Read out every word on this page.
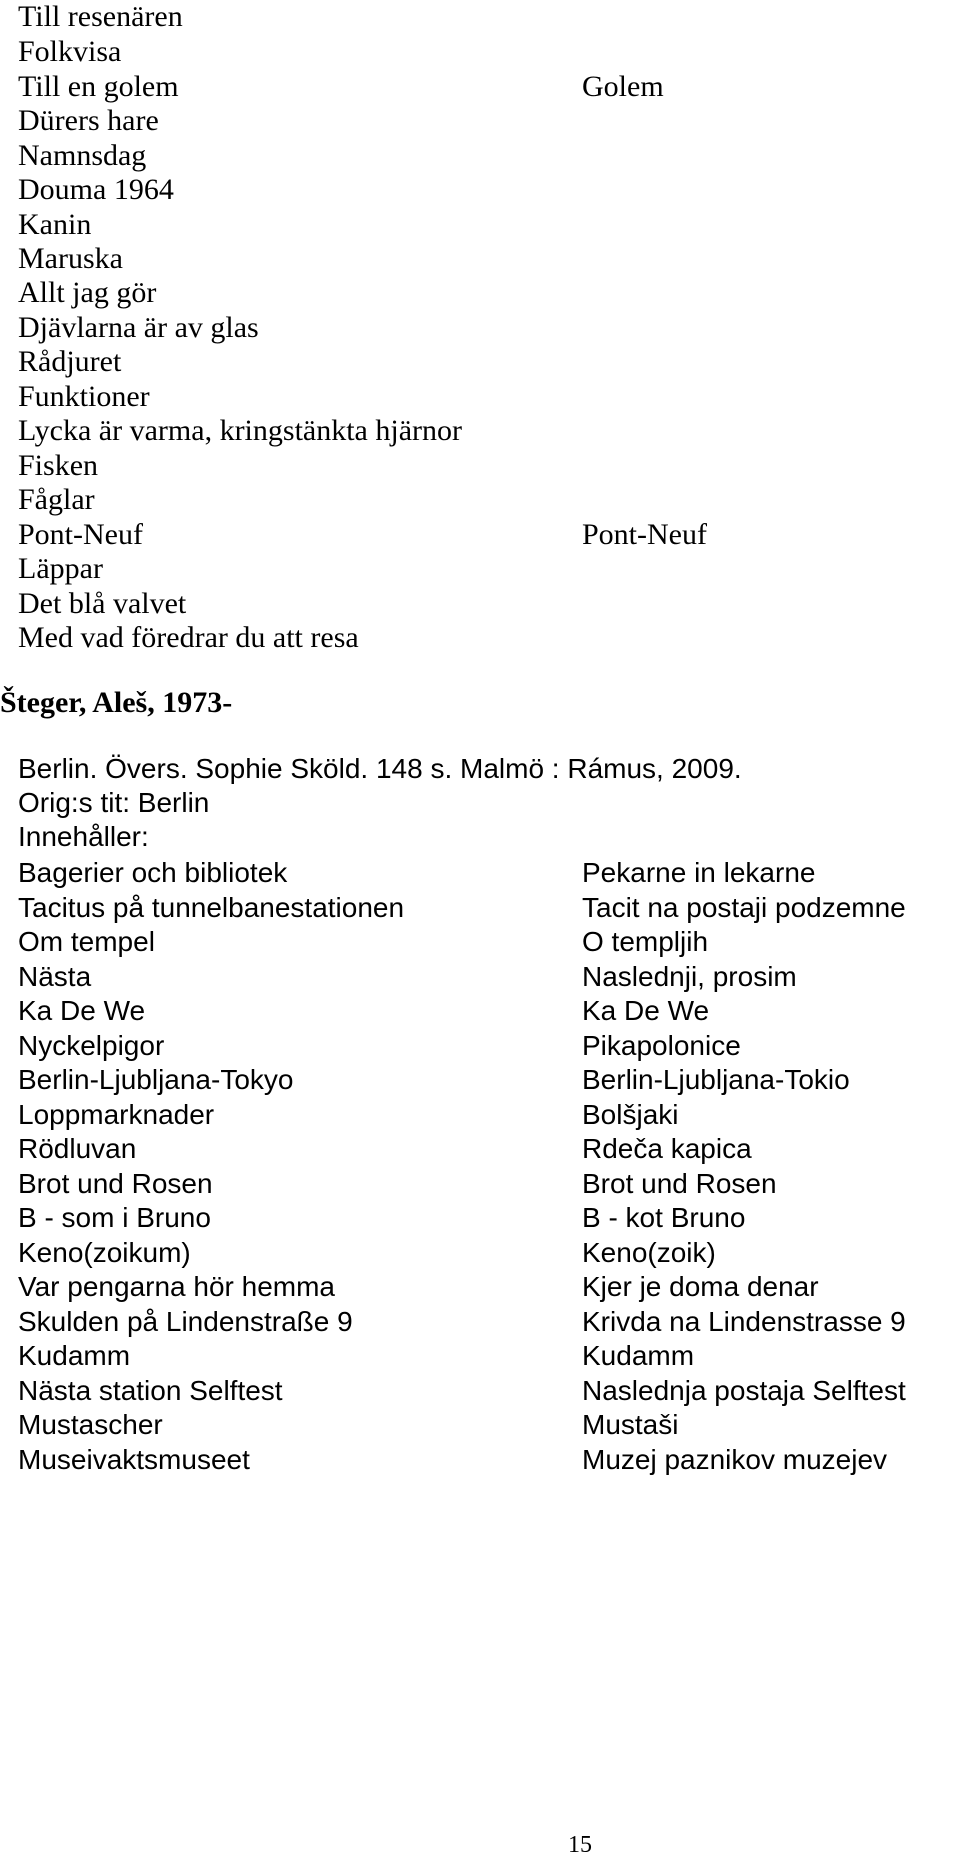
Till resenären
Folkvisa
Till en golem	Golem
Dürers hare
Namnsdag
Douma 1964
Kanin
Maruska
Allt jag gör
Djävlarna är av glas
Rådjuret
Funktioner
Lycka är varma, kringstänkta hjärnor
Fisken
Fåglar
Pont-Neuf	Pont-Neuf
Läppar
Det blå valvet
Med vad föredrar du att resa
Šteger, Aleš, 1973-
Berlin. Övers. Sophie Sköld. 148 s. Malmö : Rámus, 2009.
Orig:s tit: Berlin
Innehåller:
Bagerier och bibliotek	Pekarne in lekarne
Tacitus på tunnelbanestationen	Tacit na postaji podzemne
Om tempel	O templjih
Nästa	Naslednji, prosim
Ka De We	Ka De We
Nyckelpigor	Pikapolonice
Berlin-Ljubljana-Tokyo	Berlin-Ljubljana-Tokio
Loppmarknader	Bolšjaki
Rödluvan	Rdeča kapica
Brot und Rosen	Brot und Rosen
B - som i Bruno	B - kot Bruno
Keno(zoikum)	Keno(zoik)
Var pengarna hör hemma	Kjer je doma denar
Skulden på Lindenstraße 9	Krivda na Lindenstrasse 9
Kudamm	Kudamm
Nästa station Selftest	Naslednja postaja Selftest
Mustascher	Mustaši
Museivaktsmuseet	Muzej paznikov muzejev
15
